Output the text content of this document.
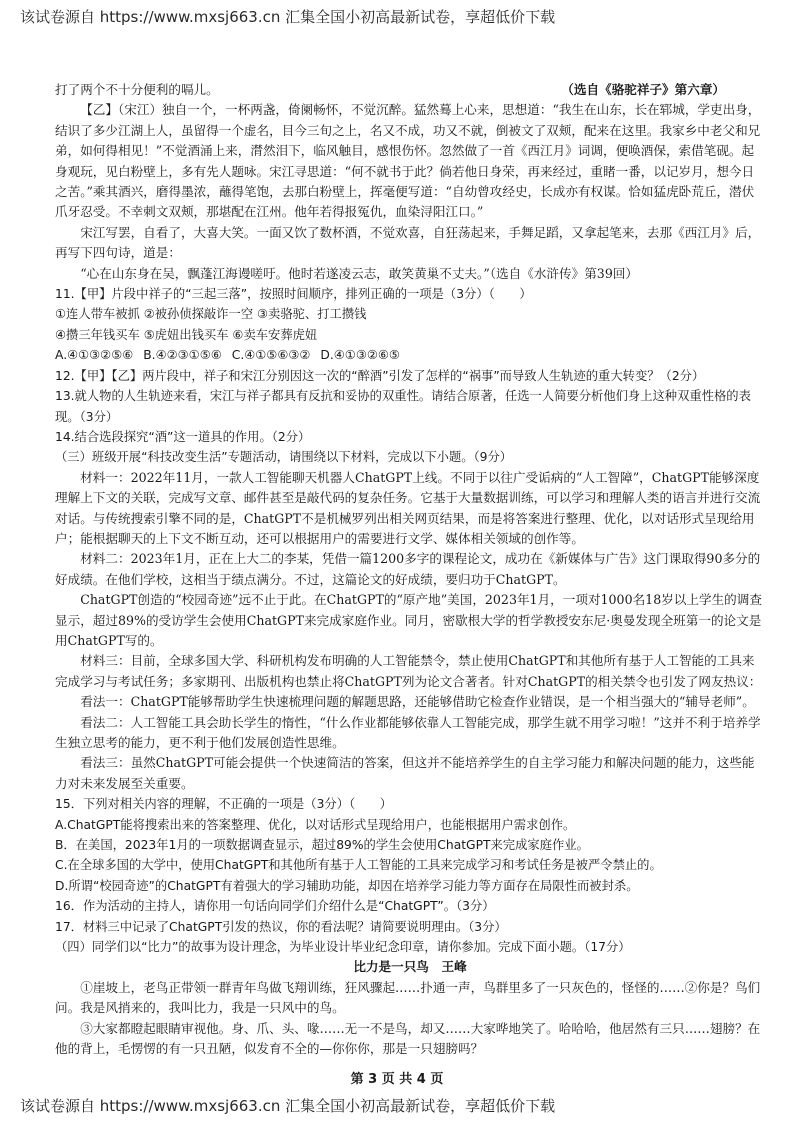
该试卷源自 https://www.mxsj663.cn 汇集全国小初高最新试卷，享超低价下载
打了两个不十分便利的嗝儿。	（选自《骆驼祥子》第六章）

【乙】（宋江）独自一个，一杯两盏，倚阑畅怀，不觉沉醉。猛然蓦上心来，思想道：“我生在山东，长在郓城，学吏出身，结识了多少江湖上人，虽留得一个虚名，目今三旬之上，名又不成，功又不就，倒被文了双颊，配来在这里。我家乡中老父和兄弟，如何得相见！”不觉酒涌上来，潸然泪下，临风触目，感恨伤怀。忽然做了一首《西江月》词调，便唤酒保，索借笔砚。起身观玩，见白粉壁上，多有先人题咏。宋江寻思道：“何不就书于此？倘若他日身荣，再来经过，重睹一番，以记岁月，想今日之苦。”乘其酒兴，磨得墨浓，蘸得笔饱，去那白粉壁上，挥毫便写道：“自幼曾攻经史，长成亦有权谋。恰如猛虎卧荒丘，潜伏爪牙忍受。不幸刺文双颊，那堪配在江州。他年若得报冤仇，血染浔阳江口。”

宋江写罢，自看了，大喜大笑。一面又饮了数杯酒，不觉欢喜，自狂荡起来，手舞足蹈，又拿起笔来，去那《西江月》后，再写下四句诗，道是：

“心在山东身在吴，飘蓬江海谩嗟吁。他时若遂凌云志，敢笑黄巢不丈夫。”（选自《水浒传》第39回）

11.【甲】片段中祥子的“三起三落”，按照时间顺序，排列正确的一项是（3分）（　　）

①连人带车被抓 ②被孙侦探敲诈一空 ③卖骆驼、打工攒钱

④攒三年钱买车 ⑤虎妞出钱买车 ⑥卖车安葬虎妞

A.④①③②⑤⑥ B.④②③①⑤⑥ C.④①⑤⑥③② D.④①③②⑥⑤

12.【甲】【乙】两片段中，祥子和宋江分别因这一次的“醉酒”引发了怎样的“祸事”而导致人生轨迹的重大转变？（2分）

13.就人物的人生轨迹来看，宋江与祥子都具有反抗和妥协的双重性。请结合原著，任选一人简要分析他们身上这种双重性格的表现。（3分）

14.结合选段探究“酒”这一道具的作用。（2分）

（三）班级开展“科技改变生活”专题活动，请围绕以下材料，完成以下小题。（9分）

材料一：2022年11月，一款人工智能聊天机器人ChatGPT上线。不同于以往广受诟病的“人工智障”，ChatGPT能够深度理解上下文的关联，完成写文章、邮件甚至是敲代码的复杂任务。它基于大量数据训练，可以学习和理解人类的语言并进行交流对话。与传统搜索引擎不同的是，ChatGPT不是机械罗列出相关网页结果，而是将答案进行整理、优化，以对话形式呈现给用户；能根据聊天的上下文不断互动，还可以根据用户的需要进行文学、媒体相关领域的创作等。

材料二：2023年1月，正在上大二的李某，凭借一篇1200多字的课程论文，成功在《新媒体与广告》这门课取得90多分的好成绩。在他们学校，这相当于绩点满分。不过，这篇论文的好成绩，要归功于ChatGPT。

ChatGPT创造的“校园奇迹”远不止于此。在ChatGPT的“原产地”美国，2023年1月，一项对1000名18岁以上学生的调查显示，超过89%的受访学生会使用ChatGPT来完成家庭作业。同月，密歇根大学的哲学教授安东尼·奥曼发现全班第一的论文是用ChatGPT写的。

材料三：目前，全球多国大学、科研机构发布明确的人工智能禁令，禁止使用ChatGPT和其他所有基于人工智能的工具来完成学习与考试任务；多家期刊、出版机构也禁止将ChatGPT列为论文合著者。针对ChatGPT的相关禁令也引发了网友热议：

看法一：ChatGPT能够帮助学生快速梳理问题的解题思路，还能够借助它检查作业错误，是一个相当强大的“辅导老师”。

看法二：人工智能工具会助长学生的惰性，“什么作业都能够依靠人工智能完成，那学生就不用学习啦！”这并不利于培养学生独立思考的能力，更不利于他们发展创造性思维。

看法三：虽然ChatGPT可能会提供一个快速简洁的答案，但这并不能培养学生的自主学习能力和解决问题的能力，这些能力对未来发展至关重要。

15．下列对相关内容的理解，不正确的一项是（3分）（　　）

A.ChatGPT能将搜索出来的答案整理、优化，以对话形式呈现给用户，也能根据用户需求创作。

B．在美国，2023年1月的一项数据调查显示，超过89%的学生会使用ChatGPT来完成家庭作业。

C.在全球多国的大学中，使用ChatGPT和其他所有基于人工智能的工具来完成学习和考试任务是被严令禁止的。

D.所谓“校园奇迹”的ChatGPT有着强大的学习辅助功能，却因在培养学习能力等方面存在局限性而被封杀。

16．作为活动的主持人，请你用一句话向同学们介绍什么是“ChatGPT”。（3分）

17．材料三中记录了ChatGPT引发的热议，你的看法呢？请简要说明理由。（3分）

（四）同学们以“比力”的故事为设计理念，为毕业设计毕业纪念印章，请你参加。完成下面小题。（17分）

比力是一只鸟　王峰

①崖坡上，老鸟正带领一群青年鸟做飞翔训练，狂风骤起……扑通一声，鸟群里多了一只灰色的，怪怪的……②你是？鸟们问。我是风捎来的，我叫比力，我是一只风中的鸟。

③大家都瞪起眼睛审视他。身、爪、头、喙……无一不是鸟，却又……大家哗地笑了。哈哈哈，他居然有三只……翅膀？在他的背上，毛愣愣的有一只丑陋，似发育不全的—你你你，那是一只翅膀吗？

第 3 页 共 4 页
该试卷源自 https://www.mxsj663.cn 汇集全国小初高最新试卷，享超低价下载
